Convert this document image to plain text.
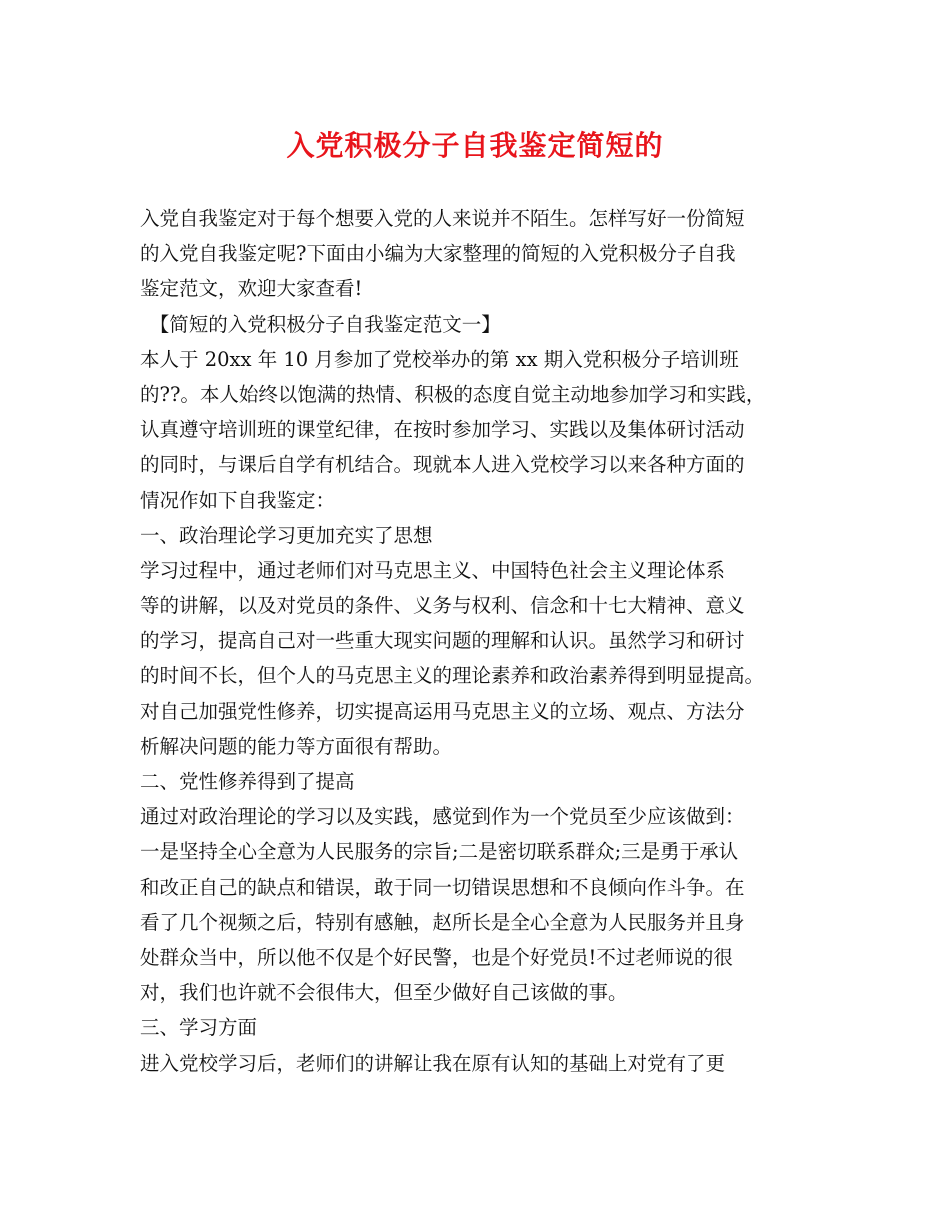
入党积极分子自我鉴定简短的
入党自我鉴定对于每个想要入党的人来说并不陌生。怎样写好一份简短
的入党自我鉴定呢?下面由小编为大家整理的简短的入党积极分子自我
鉴定范文，欢迎大家查看!
　【简短的入党积极分子自我鉴定范文一】
本人于 20xx 年 10 月参加了党校举办的第 xx 期入党积极分子培训班
的??。本人始终以饱满的热情、积极的态度自觉主动地参加学习和实践，
认真遵守培训班的课堂纪律，在按时参加学习、实践以及集体研讨活动
的同时，与课后自学有机结合。现就本人进入党校学习以来各种方面的
情况作如下自我鉴定：
一、政治理论学习更加充实了思想
学习过程中，通过老师们对马克思主义、中国特色社会主义理论体系
等的讲解，以及对党员的条件、义务与权利、信念和十七大精神、意义
的学习，提高自己对一些重大现实问题的理解和认识。虽然学习和研讨
的时间不长，但个人的马克思主义的理论素养和政治素养得到明显提高。
对自己加强党性修养，切实提高运用马克思主义的立场、观点、方法分
析解决问题的能力等方面很有帮助。
二、党性修养得到了提高
通过对政治理论的学习以及实践，感觉到作为一个党员至少应该做到：
一是坚持全心全意为人民服务的宗旨;二是密切联系群众;三是勇于承认
和改正自己的缺点和错误，敢于同一切错误思想和不良倾向作斗争。在
看了几个视频之后，特别有感触，赵所长是全心全意为人民服务并且身
处群众当中，所以他不仅是个好民警，也是个好党员!不过老师说的很
对，我们也许就不会很伟大，但至少做好自己该做的事。
三、学习方面
进入党校学习后，老师们的讲解让我在原有认知的基础上对党有了更
